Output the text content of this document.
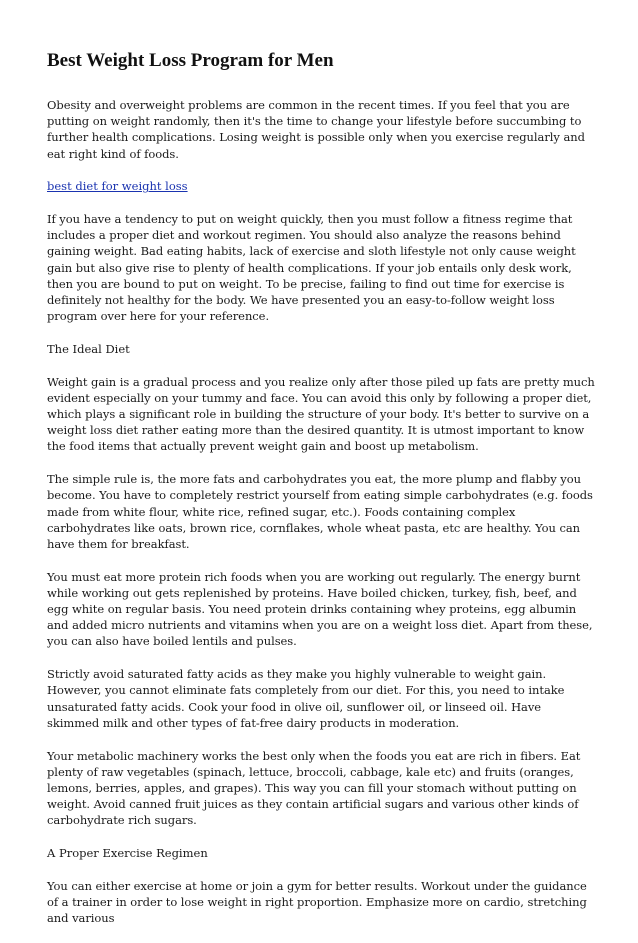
Best Weight Loss Program for Men

Obesity and overweight problems are common in the recent times. If you feel that you are putting on weight randomly, then it's the time to change your lifestyle before succumbing to further health complications. Losing weight is possible only when you exercise regularly and eat right kind of foods.

best diet for weight loss

If you have a tendency to put on weight quickly, then you must follow a fitness regime that includes a proper diet and workout regimen. You should also analyze the reasons behind gaining weight. Bad eating habits, lack of exercise and sloth lifestyle not only cause weight gain but also give rise to plenty of health complications. If your job entails only desk work, then you are bound to put on weight. To be precise, failing to find out time for exercise is definitely not healthy for the body. We have presented you an easy-to-follow weight loss program over here for your reference.

The Ideal Diet

Weight gain is a gradual process and you realize only after those piled up fats are pretty much evident especially on your tummy and face. You can avoid this only by following a proper diet, which plays a significant role in building the structure of your body. It's better to survive on a weight loss diet rather eating more than the desired quantity. It is utmost important to know the food items that actually prevent weight gain and boost up metabolism.

The simple rule is, the more fats and carbohydrates you eat, the more plump and flabby you become. You have to completely restrict yourself from eating simple carbohydrates (e.g. foods made from white flour, white rice, refined sugar, etc.). Foods containing complex carbohydrates like oats, brown rice, cornflakes, whole wheat pasta, etc are healthy. You can have them for breakfast.

You must eat more protein rich foods when you are working out regularly. The energy burnt while working out gets replenished by proteins. Have boiled chicken, turkey, fish, beef, and egg white on regular basis. You need protein drinks containing whey proteins, egg albumin and added micro nutrients and vitamins when you are on a weight loss diet. Apart from these, you can also have boiled lentils and pulses.

Strictly avoid saturated fatty acids as they make you highly vulnerable to weight gain. However, you cannot eliminate fats completely from our diet. For this, you need to intake unsaturated fatty acids. Cook your food in olive oil, sunflower oil, or linseed oil. Have skimmed milk and other types of fat-free dairy products in moderation.

Your metabolic machinery works the best only when the foods you eat are rich in fibers. Eat plenty of raw vegetables (spinach, lettuce, broccoli, cabbage, kale etc) and fruits (oranges, lemons, berries, apples, and grapes). This way you can fill your stomach without putting on weight. Avoid canned fruit juices as they contain artificial sugars and various other kinds of carbohydrate rich sugars.

A Proper Exercise Regimen

You can either exercise at home or join a gym for better results. Workout under the guidance of a trainer in order to lose weight in right proportion. Emphasize more on cardio, stretching and various
